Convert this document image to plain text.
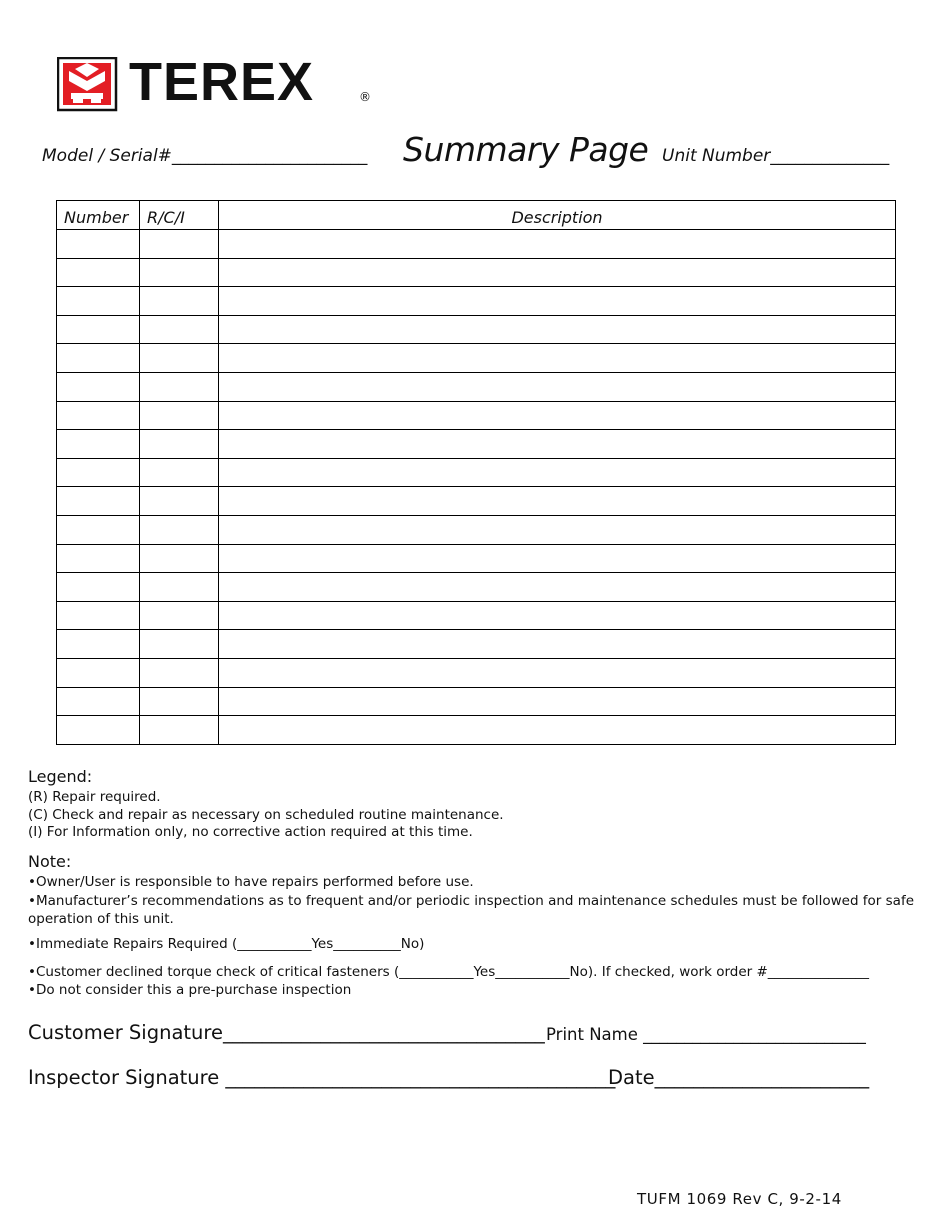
TEREX	®
Model / Serial#_______________________ Summary Page Unit Number______________
Number	R/C/I	Description

Legend:
(R) Repair required.
(C) Check and repair as necessary on scheduled routine maintenance.
(I) For Information only, no corrective action required at this time.
Note:
•Owner/User is responsible to have repairs performed before use.
•Manufacturer’s recommendations as to frequent and/or periodic inspection and maintenance schedules must be followed for safe
operation of this unit.
•Immediate Repairs Required (___________Yes__________No)
•Customer declined torque check of critical fasteners (___________Yes___________No). If checked, work order #_______________
•Do not consider this a pre-purchase inspection
Customer Signature_________________________________ Print Name ___________________________
Inspector Signature ________________________________________
Date______________________
TUFM 1069 Rev C, 9-2-14
